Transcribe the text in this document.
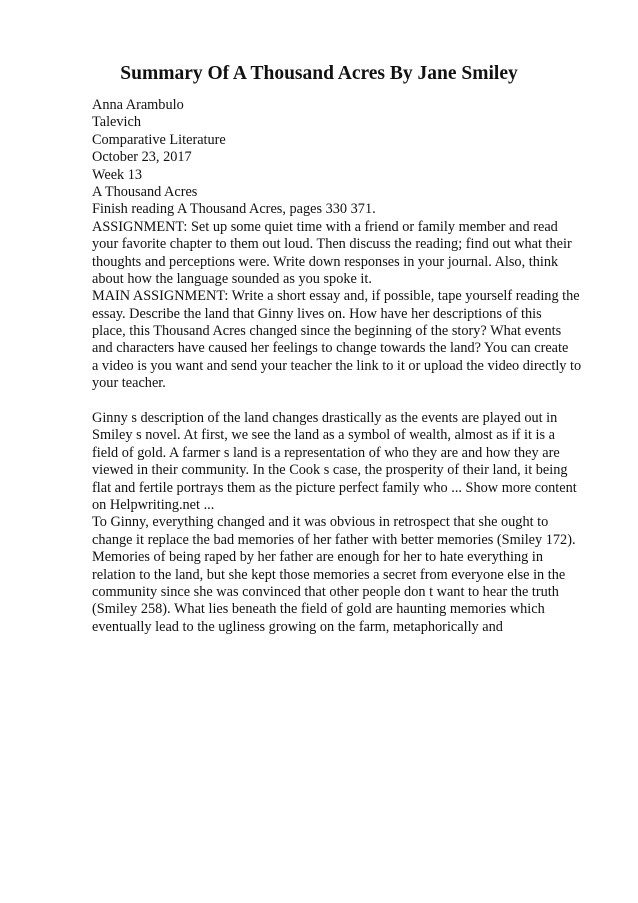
Summary Of A Thousand Acres By Jane Smiley
Anna Arambulo
Talevich
Comparative Literature
October 23, 2017
Week 13
A Thousand Acres
Finish reading A Thousand Acres, pages 330 371.
ASSIGNMENT: Set up some quiet time with a friend or family member and read
your favorite chapter to them out loud. Then discuss the reading; find out what their
thoughts and perceptions were. Write down responses in your journal. Also, think
about how the language sounded as you spoke it.
MAIN ASSIGNMENT: Write a short essay and, if possible, tape yourself reading the
essay. Describe the land that Ginny lives on. How have her descriptions of this
place, this Thousand Acres changed since the beginning of the story? What events
and characters have caused her feelings to change towards the land? You can create
a video is you want and send your teacher the link to it or upload the video directly to
your teacher.
Ginny s description of the land changes drastically as the events are played out in
Smiley s novel. At first, we see the land as a symbol of wealth, almost as if it is a
field of gold. A farmer s land is a representation of who they are and how they are
viewed in their community. In the Cook s case, the prosperity of their land, it being
flat and fertile portrays them as the picture perfect family who ... Show more content
on Helpwriting.net ...
To Ginny, everything changed and it was obvious in retrospect that she ought to
change it replace the bad memories of her father with better memories (Smiley 172).
Memories of being raped by her father are enough for her to hate everything in
relation to the land, but she kept those memories a secret from everyone else in the
community since she was convinced that other people don t want to hear the truth
(Smiley 258). What lies beneath the field of gold are haunting memories which
eventually lead to the ugliness growing on the farm, metaphorically and
